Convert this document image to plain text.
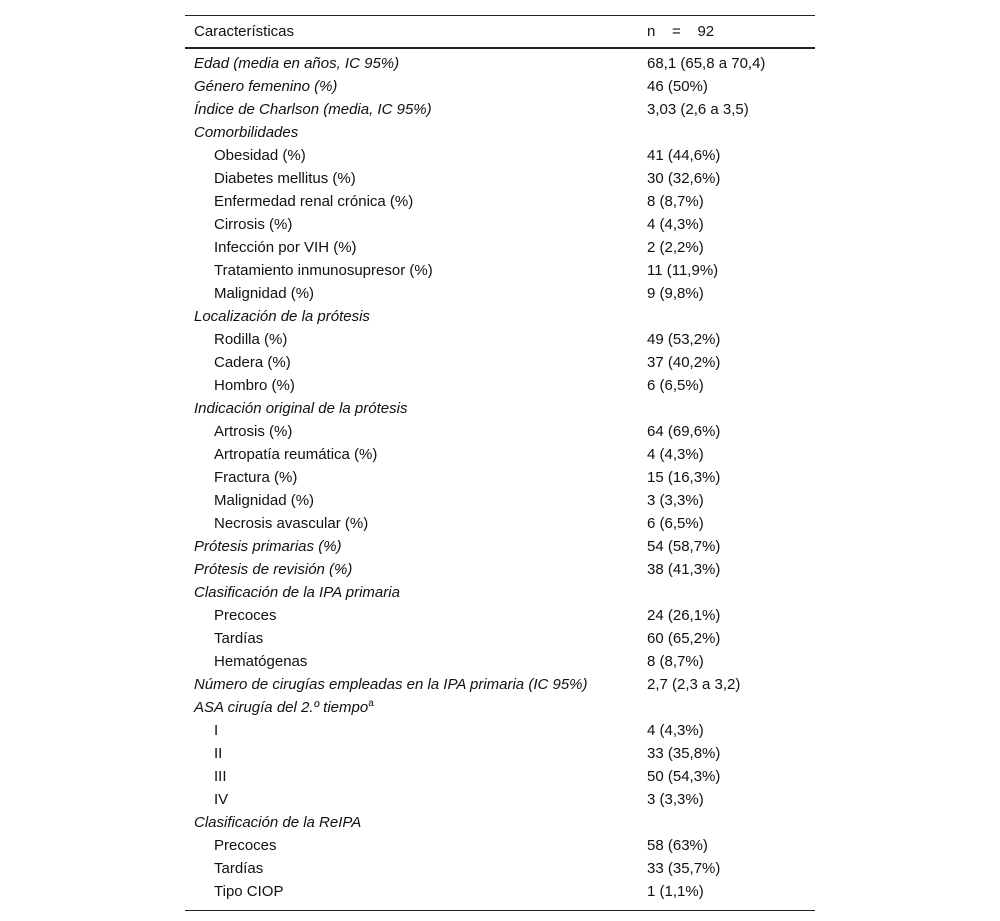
Características	n    =    92
Edad (media en años, IC 95%)	68,1 (65,8 a 70,4)
Género femenino (%)	46 (50%)
Índice de Charlson (media, IC 95%)	3,03 (2,6 a 3,5)
Comorbilidades
Obesidad (%)	41 (44,6%)
Diabetes mellitus (%)	30 (32,6%)
Enfermedad renal crónica (%)	8 (8,7%)
Cirrosis (%)	4 (4,3%)
Infección por VIH (%)	2 (2,2%)
Tratamiento inmunosupresor (%)	11 (11,9%)
Malignidad (%)	9 (9,8%)
Localización de la prótesis
Rodilla (%)	49 (53,2%)
Cadera (%)	37 (40,2%)
Hombro (%)	6 (6,5%)
Indicación original de la prótesis
Artrosis (%)	64 (69,6%)
Artropatía reumática (%)	4 (4,3%)
Fractura (%)	15 (16,3%)
Malignidad (%)	3 (3,3%)
Necrosis avascular (%)	6 (6,5%)
Prótesis primarias (%)	54 (58,7%)
Prótesis de revisión (%)	38 (41,3%)
Clasificación de la IPA primaria
Precoces	24 (26,1%)
Tardías	60 (65,2%)
Hematógenas	8 (8,7%)
Número de cirugías empleadas en la IPA primaria (IC 95%)	2,7 (2,3 a 3,2)
ASA cirugía del 2.º tiempo$^a$
I	4 (4,3%)
II	33 (35,8%)
III	50 (54,3%)
IV	3 (3,3%)
Clasificación de la ReIPA
Precoces	58 (63%)
Tardías	33 (35,7%)
Tipo CIOP	1 (1,1%)
